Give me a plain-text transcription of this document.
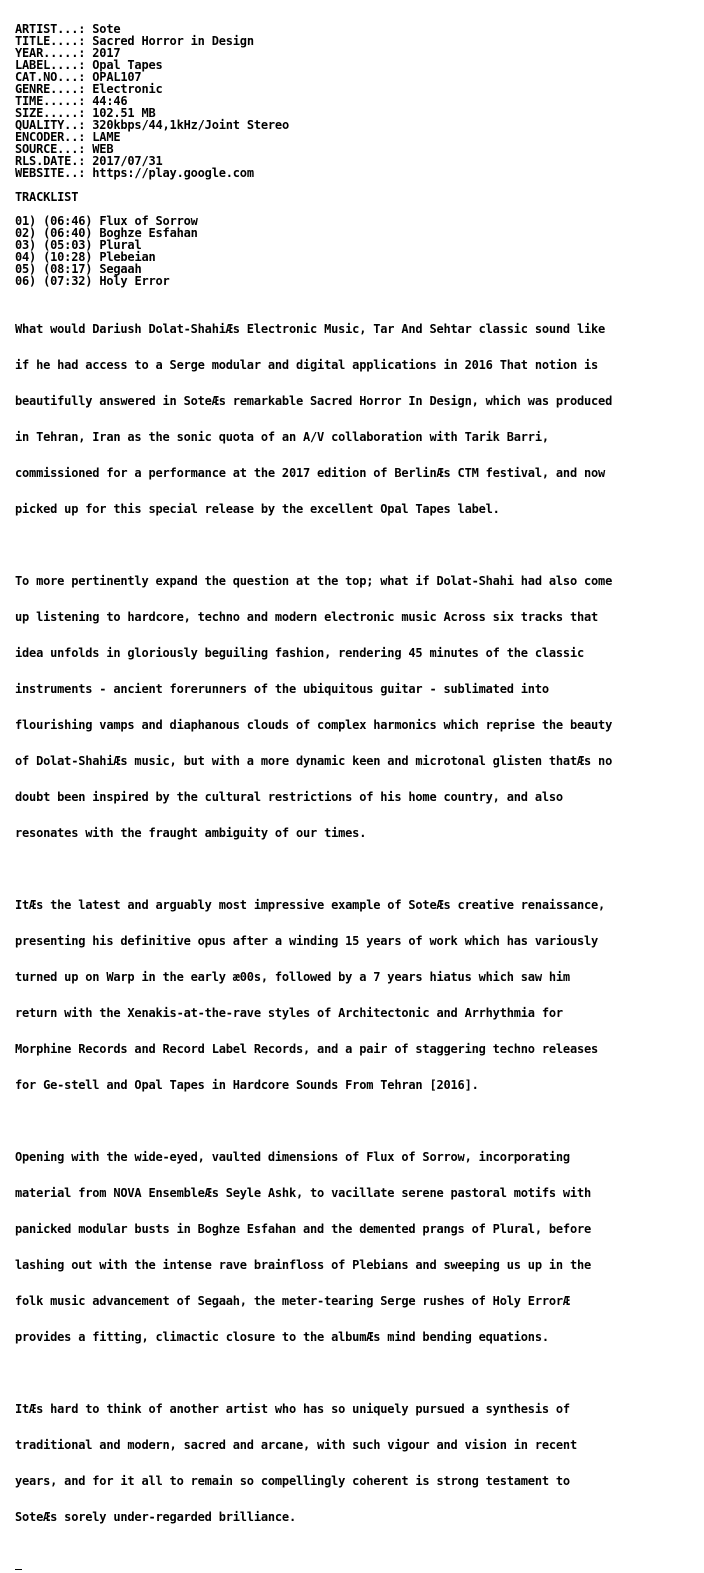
ARTIST...: Sote
TITLE....: Sacred Horror in Design
YEAR.....: 2017
LABEL....: Opal Tapes
CAT.NO...: OPAL107
GENRE....: Electronic
TIME.....: 44:46
SIZE.....: 102.51 MB
QUALITY..: 320kbps/44,1kHz/Joint Stereo
ENCODER..: LAME
SOURCE...: WEB
RLS.DATE.: 2017/07/31
WEBSITE..: https://play.google.com
TRACKLIST
01) (06:46) Flux of Sorrow
02) (06:40) Boghze Esfahan
03) (05:03) Plural
04) (10:28) Plebeian
05) (08:17) Segaah
06) (07:32) Holy Error

What would Dariush Dolat-ShahiÆs Electronic Music, Tar And Sehtar classic sound like

if he had access to a Serge modular and digital applications in 2016 That notion is

beautifully answered in SoteÆs remarkable Sacred Horror In Design, which was produced

in Tehran, Iran as the sonic quota of an A/V collaboration with Tarik Barri,

commissioned for a performance at the 2017 edition of BerlinÆs CTM festival, and now

picked up for this special release by the excellent Opal Tapes label.

To more pertinently expand the question at the top; what if Dolat-Shahi had also come

up listening to hardcore, techno and modern electronic music Across six tracks that

idea unfolds in gloriously beguiling fashion, rendering 45 minutes of the classic

instruments - ancient forerunners of the ubiquitous guitar - sublimated into

flourishing vamps and diaphanous clouds of complex harmonics which reprise the beauty

of Dolat-ShahiÆs music, but with a more dynamic keen and microtonal glisten thatÆs no

doubt been inspired by the cultural restrictions of his home country, and also

resonates with the fraught ambiguity of our times.

ItÆs the latest and arguably most impressive example of SoteÆs creative renaissance,

presenting his definitive opus after a winding 15 years of work which has variously

turned up on Warp in the early æ00s, followed by a 7 years hiatus which saw him

return with the Xenakis-at-the-rave styles of Architectonic and Arrhythmia for

Morphine Records and Record Label Records, and a pair of staggering techno releases

for Ge-stell and Opal Tapes in Hardcore Sounds From Tehran [2016].

Opening with the wide-eyed, vaulted dimensions of Flux of Sorrow, incorporating

material from NOVA EnsembleÆs Seyle Ashk, to vacillate serene pastoral motifs with

panicked modular busts in Boghze Esfahan and the demented prangs of Plural, before

lashing out with the intense rave brainfloss of Plebians and sweeping us up in the

folk music advancement of Segaah, the meter-tearing Serge rushes of Holy ErrorÆ

provides a fitting, climactic closure to the albumÆs mind bending equations.

ItÆs hard to think of another artist who has so uniquely pursued a synthesis of

traditional and modern, sacred and arcane, with such vigour and vision in recent

years, and for it all to remain so compellingly coherent is strong testament to

SoteÆs sorely under-regarded brilliance.
